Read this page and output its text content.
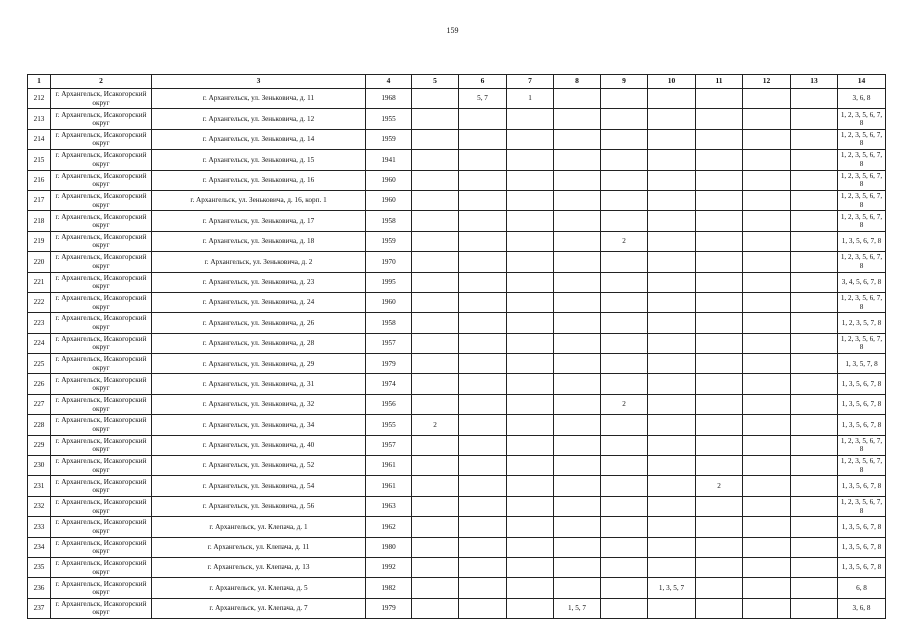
159
1	2	3	4	5	6	7	8	9	10	11	12	13	14
212	г. Архангельск, Исакогорский округ	г. Архангельск, ул. Зеньковича, д. 11	1968		5, 7	1							3, 6, 8
213	г. Архангельск, Исакогорский округ	г. Архангельск, ул. Зеньковича, д. 12	1955										1, 2, 3, 5, 6, 7, 8
214	г. Архангельск, Исакогорский округ	г. Архангельск, ул. Зеньковича, д. 14	1959										1, 2, 3, 5, 6, 7, 8
215	г. Архангельск, Исакогорский округ	г. Архангельск, ул. Зеньковича, д. 15	1941										1, 2, 3, 5, 6, 7, 8
216	г. Архангельск, Исакогорский округ	г. Архангельск, ул. Зеньковича, д. 16	1960										1, 2, 3, 5, 6, 7, 8
217	г. Архангельск, Исакогорский округ	г. Архангельск, ул. Зеньковича, д. 16, корп. 1	1960										1, 2, 3, 5, 6, 7, 8
218	г. Архангельск, Исакогорский округ	г. Архангельск, ул. Зеньковича, д. 17	1958										1, 2, 3, 5, 6, 7, 8
219	г. Архангельск, Исакогорский округ	г. Архангельск, ул. Зеньковича, д. 18	1959					2					1, 3, 5, 6, 7, 8
220	г. Архангельск, Исакогорский округ	г. Архангельск, ул. Зеньковича, д. 2	1970										1, 2, 3, 5, 6, 7, 8
221	г. Архангельск, Исакогорский округ	г. Архангельск, ул. Зеньковича, д. 23	1995										3, 4, 5, 6, 7, 8
222	г. Архангельск, Исакогорский округ	г. Архангельск, ул. Зеньковича, д. 24	1960										1, 2, 3, 5, 6, 7, 8
223	г. Архангельск, Исакогорский округ	г. Архангельск, ул. Зеньковича, д. 26	1958										1, 2, 3, 5, 7, 8
224	г. Архангельск, Исакогорский округ	г. Архангельск, ул. Зеньковича, д. 28	1957										1, 2, 3, 5, 6, 7, 8
225	г. Архангельск, Исакогорский округ	г. Архангельск, ул. Зеньковича, д. 29	1979										1, 3, 5, 7, 8
226	г. Архангельск, Исакогорский округ	г. Архангельск, ул. Зеньковича, д. 31	1974										1, 3, 5, 6, 7, 8
227	г. Архангельск, Исакогорский округ	г. Архангельск, ул. Зеньковича, д. 32	1956					2					1, 3, 5, 6, 7, 8
228	г. Архангельск, Исакогорский округ	г. Архангельск, ул. Зеньковича, д. 34	1955	2									1, 3, 5, 6, 7, 8
229	г. Архангельск, Исакогорский округ	г. Архангельск, ул. Зеньковича, д. 40	1957										1, 2, 3, 5, 6, 7, 8
230	г. Архангельск, Исакогорский округ	г. Архангельск, ул. Зеньковича, д. 52	1961										1, 2, 3, 5, 6, 7, 8
231	г. Архангельск, Исакогорский округ	г. Архангельск, ул. Зеньковича, д. 54	1961							2			1, 3, 5, 6, 7, 8
232	г. Архангельск, Исакогорский округ	г. Архангельск, ул. Зеньковича, д. 56	1963										1, 2, 3, 5, 6, 7, 8
233	г. Архангельск, Исакогорский округ	г. Архангельск, ул. Клепача, д. 1	1962										1, 3, 5, 6, 7, 8
234	г. Архангельск, Исакогорский округ	г. Архангельск, ул. Клепача, д. 11	1980										1, 3, 5, 6, 7, 8
235	г. Архангельск, Исакогорский округ	г. Архангельск, ул. Клепача, д. 13	1992										1, 3, 5, 6, 7, 8
236	г. Архангельск, Исакогорский округ	г. Архангельск, ул. Клепача, д. 5	1982						1, 3, 5, 7				6, 8
237	г. Архангельск, Исакогорский округ	г. Архангельск, ул. Клепача, д. 7	1979				1, 5, 7						3, 6, 8
